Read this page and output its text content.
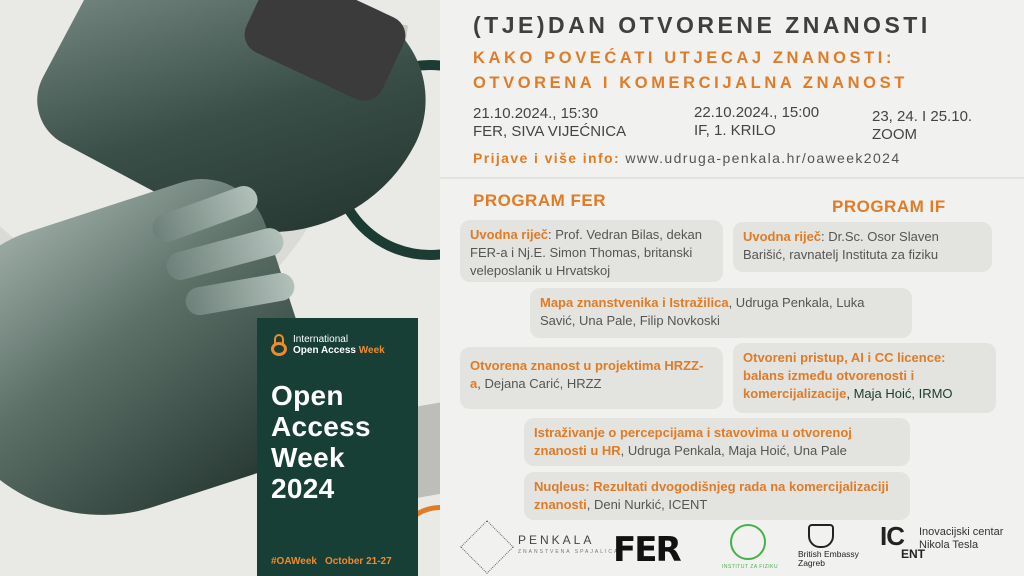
International
Open Access Week
Open
Access
Week
2024
#OAWeek October 21-27
(TJE)DAN OTVORENE ZNANOSTI
KAKO POVEĆATI UTJECAJ ZNANOSTI:
OTVORENA I KOMERCIJALNA ZNANOST
21.10.2024., 15:30
FER, SIVA VIJEĆNICA
22.10.2024., 15:00
IF, 1. KRILO
23, 24. I 25.10.
ZOOM
Prijave i više info: www.udruga-penkala.hr/oaweek2024
PROGRAM FER	PROGRAM IF
Uvodna riječ: Prof. Vedran Bilas, dekan FER-a i Nj.E. Simon Thomas, britanski veleposlanik u Hrvatskoj
Uvodna riječ: Dr.Sc. Osor Slaven Barišić, ravnatelj Instituta za fiziku
Mapa znanstvenika i Istražilica, Udruga Penkala, Luka Savić, Una Pale, Filip Novkoski
Otvorena znanost u projektima HRZZ-a, Dejana Carić, HRZZ
Otvoreni pristup, AI i CC licence: balans između otvorenosti i komercijalizacije, Maja Hoić, IRMO
Istraživanje o percepcijama i stavovima u otvorenoj znanosti u HR, Udruga Penkala, Maja Hoić, Una Pale
Nuqleus: Rezultati dvogodišnjeg rada na komercijalizaciji znanosti, Deni Nurkić, ICENT
PENKALA
ZNANSTVENA SPAJALICA
FER	INSTITUT ZA FIZIKU
British Embassy
Zagreb
IC
ENT
Inovacijski centar
Nikola Tesla
